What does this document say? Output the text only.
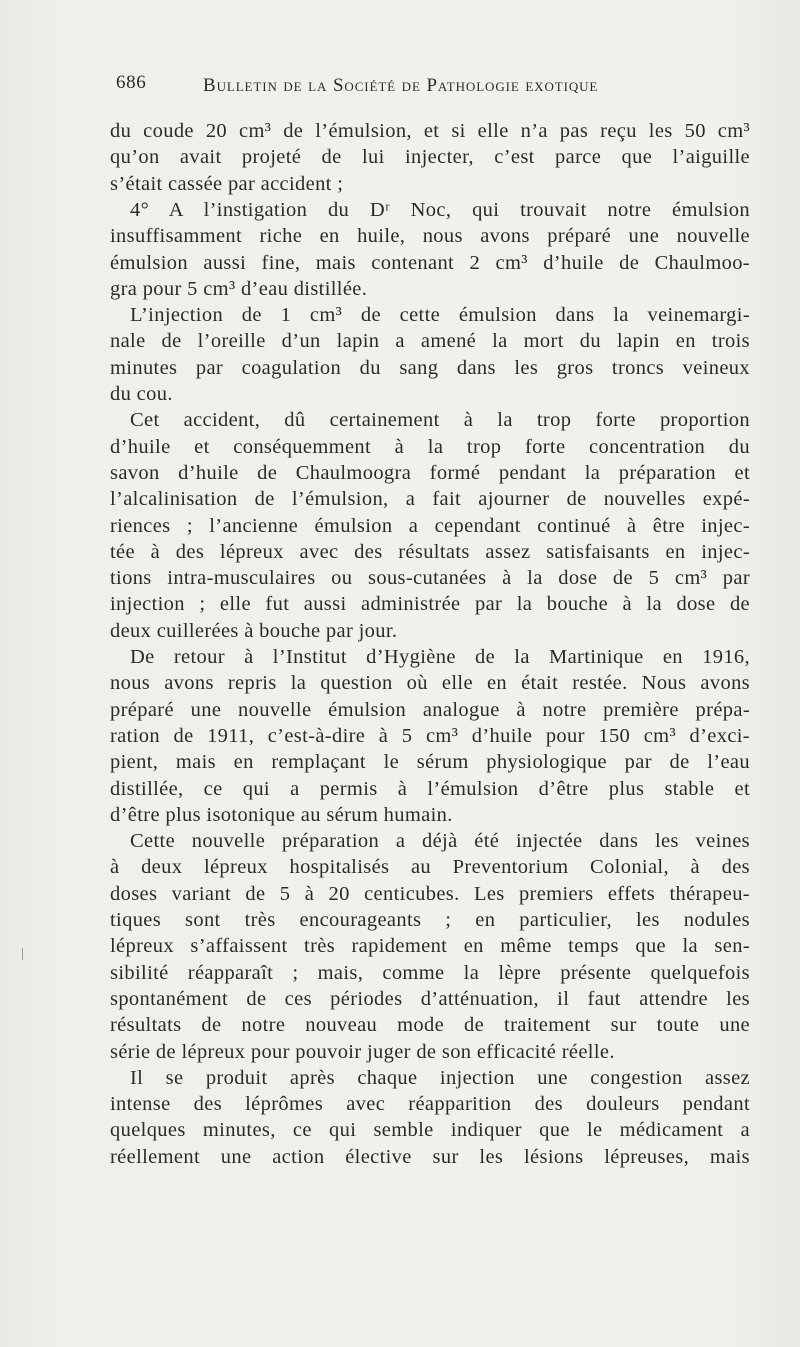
686	Bulletin de la Société de Pathologie exotique
du coude 20 cm³ de l’émulsion, et si elle n’a pas reçu les 50 cm³
qu’on avait projeté de lui injecter, c’est parce que l’aiguille
s’était cassée par accident ;
4° A l’instigation du Dʳ Noc, qui trouvait notre émulsion
insuffisamment riche en huile, nous avons préparé une nouvelle
émulsion aussi fine, mais contenant 2 cm³ d’huile de Chaulmoo-
gra pour 5 cm³ d’eau distillée.
L’injection de 1 cm³ de cette émulsion dans la veinemargi-
nale de l’oreille d’un lapin a amené la mort du lapin en trois
minutes par coagulation du sang dans les gros troncs veineux
du cou.
Cet accident, dû certainement à la trop forte proportion
d’huile et conséquemment à la trop forte concentration du
savon d’huile de Chaulmoogra formé pendant la préparation et
l’alcalinisation de l’émulsion, a fait ajourner de nouvelles expé-
riences ; l’ancienne émulsion a cependant continué à être injec-
tée à des lépreux avec des résultats assez satisfaisants en injec-
tions intra-musculaires ou sous-cutanées à la dose de 5 cm³ par
injection ; elle fut aussi administrée par la bouche à la dose de
deux cuillerées à bouche par jour.
De retour à l’Institut d’Hygiène de la Martinique en 1916,
nous avons repris la question où elle en était restée. Nous avons
préparé une nouvelle émulsion analogue à notre première prépa-
ration de 1911, c’est-à-dire à 5 cm³ d’huile pour 150 cm³ d’exci-
pient, mais en remplaçant le sérum physiologique par de l’eau
distillée, ce qui a permis à l’émulsion d’être plus stable et
d’être plus isotonique au sérum humain.
Cette nouvelle préparation a déjà été injectée dans les veines
à deux lépreux hospitalisés au Preventorium Colonial, à des
doses variant de 5 à 20 centicubes. Les premiers effets thérapeu-
tiques sont très encourageants ; en particulier, les nodules
lépreux s’affaissent très rapidement en même temps que la sen-
sibilité réapparaît ; mais, comme la lèpre présente quelquefois
spontanément de ces périodes d’atténuation, il faut attendre les
résultats de notre nouveau mode de traitement sur toute une
série de lépreux pour pouvoir juger de son efficacité réelle.
Il se produit après chaque injection une congestion assez
intense des léprômes avec réapparition des douleurs pendant
quelques minutes, ce qui semble indiquer que le médicament a
réellement une action élective sur les lésions lépreuses, mais
